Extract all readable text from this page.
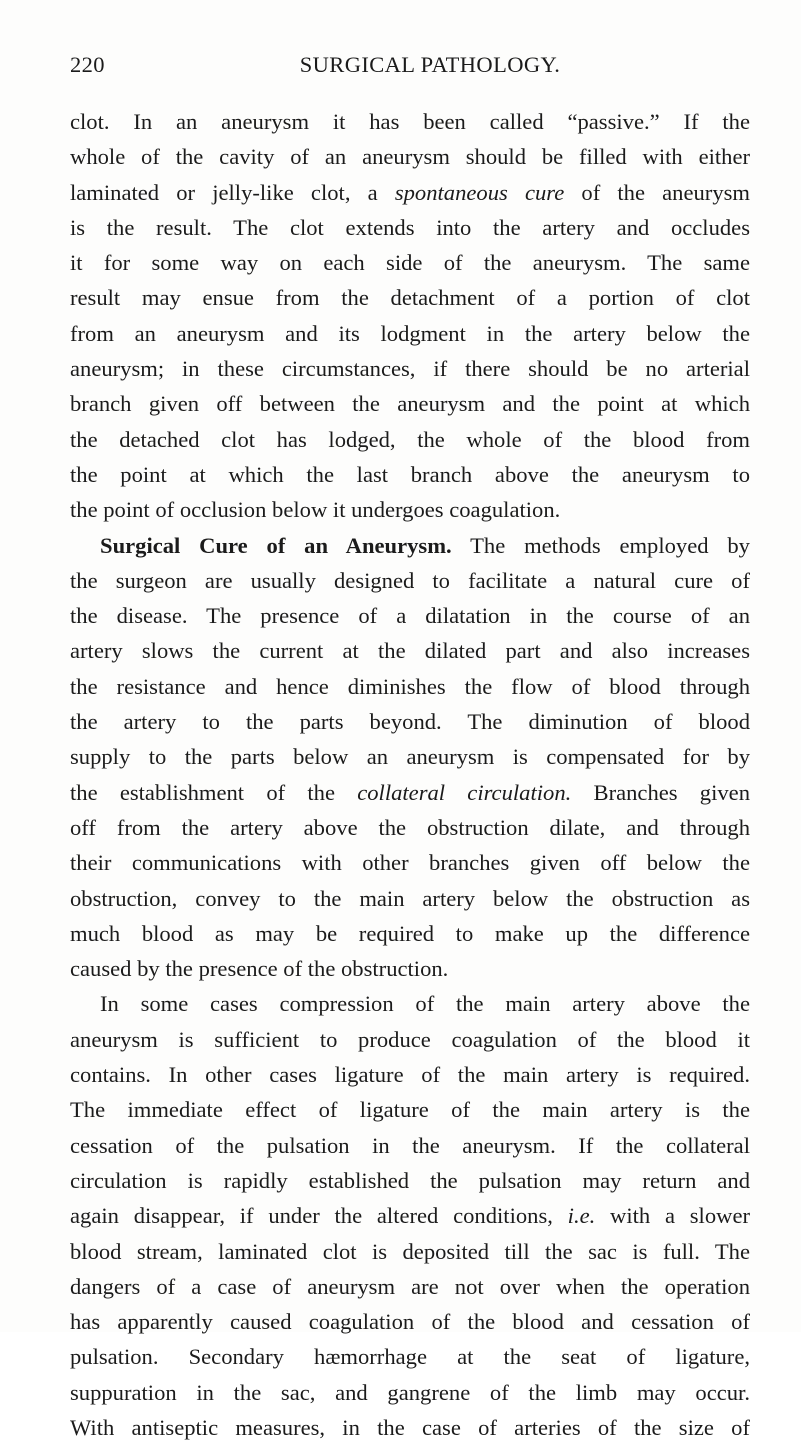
220	SURGICAL PATHOLOGY.
clot. In an aneurysm it has been called “passive.” If the
whole of the cavity of an aneurysm should be filled with either
laminated or jelly-like clot, a spontaneous cure of the aneurysm
is the result. The clot extends into the artery and occludes
it for some way on each side of the aneurysm. The same
result may ensue from the detachment of a portion of clot
from an aneurysm and its lodgment in the artery below the
aneurysm; in these circumstances, if there should be no arterial
branch given off between the aneurysm and the point at which
the detached clot has lodged, the whole of the blood from
the point at which the last branch above the aneurysm to
the point of occlusion below it undergoes coagulation.
Surgical Cure of an Aneurysm. The methods employed by
the surgeon are usually designed to facilitate a natural cure of
the disease. The presence of a dilatation in the course of an
artery slows the current at the dilated part and also increases
the resistance and hence diminishes the flow of blood through
the artery to the parts beyond. The diminution of blood
supply to the parts below an aneurysm is compensated for by
the establishment of the collateral circulation. Branches given
off from the artery above the obstruction dilate, and through
their communications with other branches given off below the
obstruction, convey to the main artery below the obstruction as
much blood as may be required to make up the difference
caused by the presence of the obstruction.
In some cases compression of the main artery above the
aneurysm is sufficient to produce coagulation of the blood it
contains. In other cases ligature of the main artery is required.
The immediate effect of ligature of the main artery is the
cessation of the pulsation in the aneurysm. If the collateral
circulation is rapidly established the pulsation may return and
again disappear, if under the altered conditions, i.e. with a slower
blood stream, laminated clot is deposited till the sac is full. The
dangers of a case of aneurysm are not over when the operation
has apparently caused coagulation of the blood and cessation of
pulsation. Secondary hæmorrhage at the seat of ligature,
suppuration in the sac, and gangrene of the limb may occur.
With antiseptic measures, in the case of arteries of the size of
